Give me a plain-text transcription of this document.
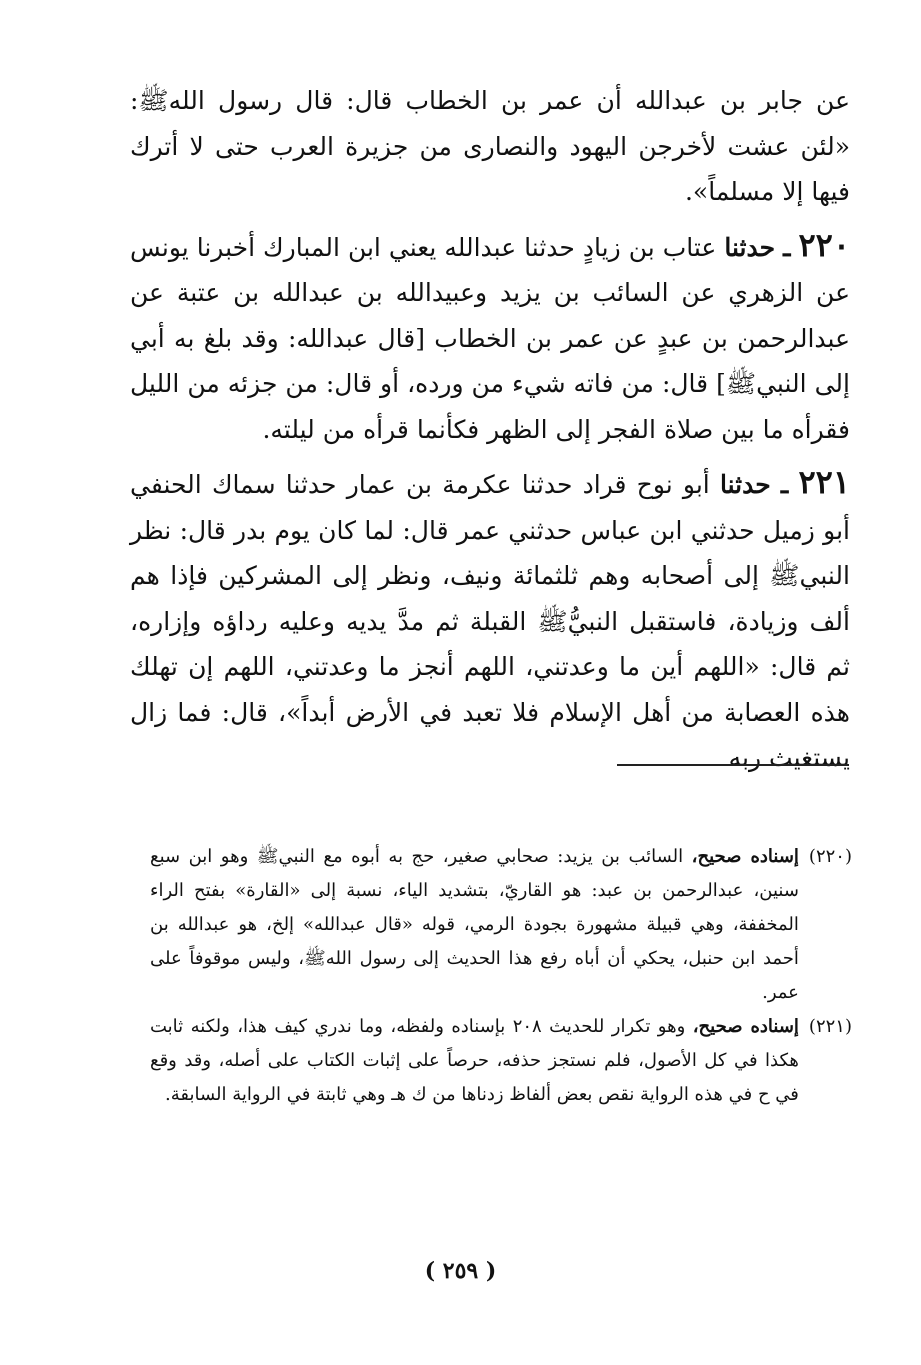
عن جابر بن عبدالله أن عمر بن الخطاب قال: قال رسول اللهﷺ: «لئن عشت لأخرجن اليهود والنصارى من جزيرة العرب حتى لا أترك فيها إلا مسلماً».

٢٢٠ ـ حدثنا عتاب بن زيادٍ حدثنا عبدالله يعني ابن المبارك أخبرنا يونس عن الزهري عن السائب بن يزيد وعبيدالله بن عبدالله بن عتبة عن عبدالرحمن بن عبدٍ عن عمر بن الخطاب [قال عبدالله: وقد بلغ به أبي إلى النبيﷺ] قال: من فاته شيء من ورده، أو قال: من جزئه من الليل فقرأه ما بين صلاة الفجر إلى الظهر فكأنما قرأه من ليلته.

٢٢١ ـ حدثنا أبو نوح قراد حدثنا عكرمة بن عمار حدثنا سماك الحنفي أبو زميل حدثني ابن عباس حدثني عمر قال: لما كان يوم بدر قال: نظر النبيﷺ إلى أصحابه وهم ثلثمائة ونيف، ونظر إلى المشركين فإذا هم ألف وزيادة، فاستقبل النبيُّﷺ القبلة ثم مدَّ يديه وعليه رداؤه وإزاره، ثم قال: «اللهم أين ما وعدتني، اللهم أنجز ما وعدتني، اللهم إن تهلك هذه العصابة من أهل الإسلام فلا تعبد في الأرض أبداً»، قال: فما زال يستغيث ربه

(٢٢٠)
إسناده صحيح، السائب بن يزيد: صحابي صغير، حج به أبوه مع النبيﷺ وهو ابن سبع سنين، عبدالرحمن بن عبد: هو القاريّ، بتشديد الياء، نسبة إلى «القارة» بفتح الراء المخففة، وهي قبيلة مشهورة بجودة الرمي، قوله «قال عبدالله» إلخ، هو عبدالله بن أحمد ابن حنبل، يحكي أن أباه رفع هذا الحديث إلى رسول اللهﷺ، وليس موقوفاً على عمر.
(٢٢١)
إسناده صحيح، وهو تكرار للحديث ٢٠٨ بإسناده ولفظه، وما ندري كيف هذا، ولكنه ثابت هكذا في كل الأصول، فلم نستجز حذفه، حرصاً على إثبات الكتاب على أصله، وقد وقع في ح في هذه الرواية نقص بعض ألفاظ زدناها من ك هـ وهي ثابتة في الرواية السابقة.
( ٢٥٩ )
